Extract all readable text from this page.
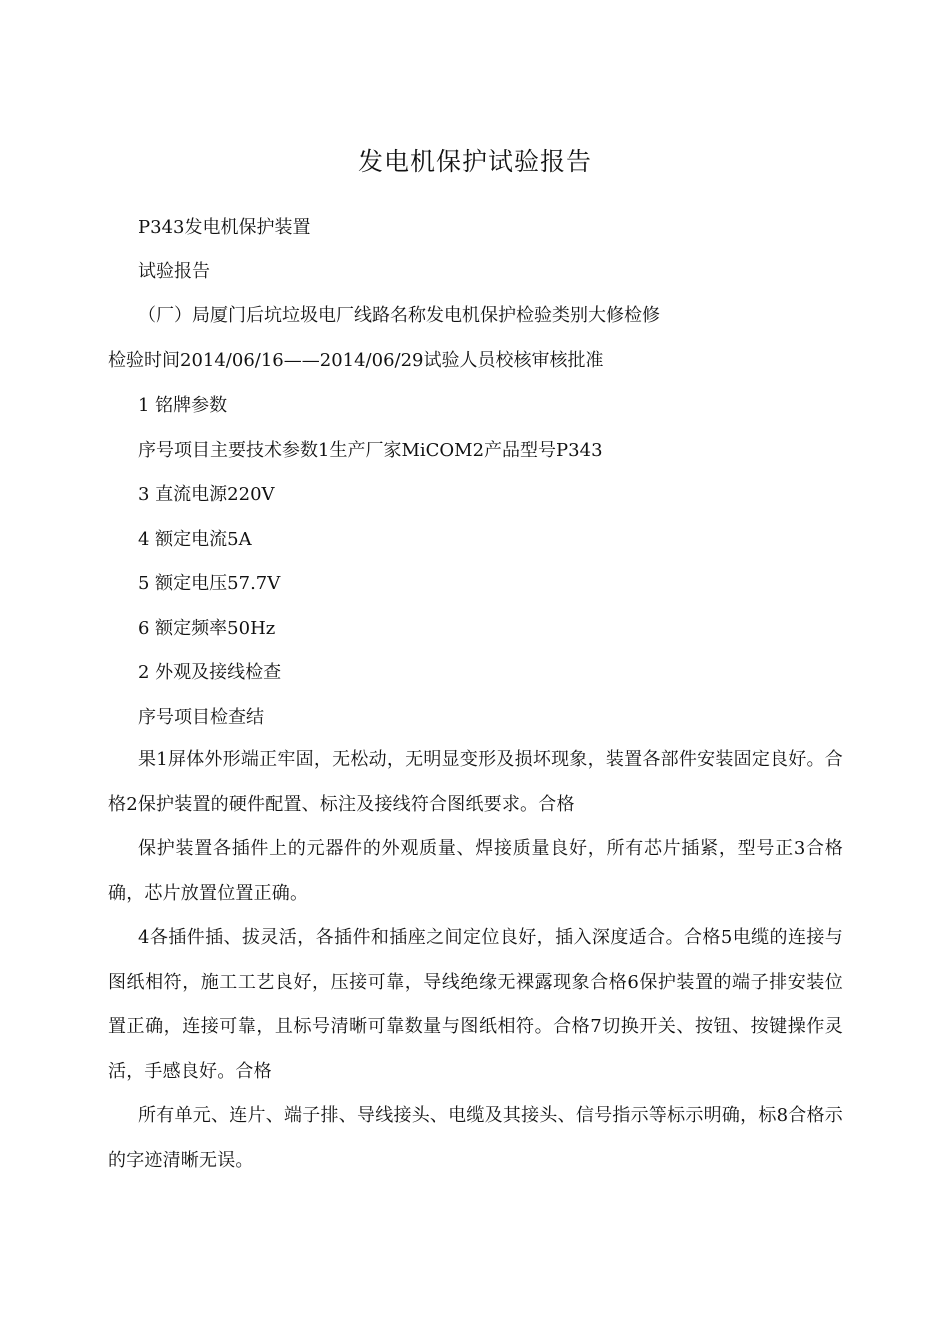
发电机保护试验报告
P343发电机保护装置
试验报告
（厂）局厦门后坑垃圾电厂线路名称发电机保护检验类别大修检修
检验时间2014/06/16——2014/06/29试验人员校核审核批准
1 铭牌参数
序号项目主要技术参数1生产厂家MiCOM2产品型号P343
3 直流电源220V
4 额定电流5A
5 额定电压57.7V
6 额定频率50Hz
2 外观及接线检查
序号项目检查结
果1屏体外形端正牢固，无松动，无明显变形及损坏现象，装置各部件安装固定良好。合格2保护装置的硬件配置、标注及接线符合图纸要求。合格
保护装置各插件上的元器件的外观质量、焊接质量良好，所有芯片插紧，型号正3合格确，芯片放置位置正确。
4各插件插、拔灵活，各插件和插座之间定位良好，插入深度适合。合格5电缆的连接与图纸相符，施工工艺良好，压接可靠，导线绝缘无裸露现象合格6保护装置的端子排安装位置正确，连接可靠，且标号清晰可靠数量与图纸相符。合格7切换开关、按钮、按键操作灵活，手感良好。合格
所有单元、连片、端子排、导线接头、电缆及其接头、信号指示等标示明确，标8合格示的字迹清晰无误。
